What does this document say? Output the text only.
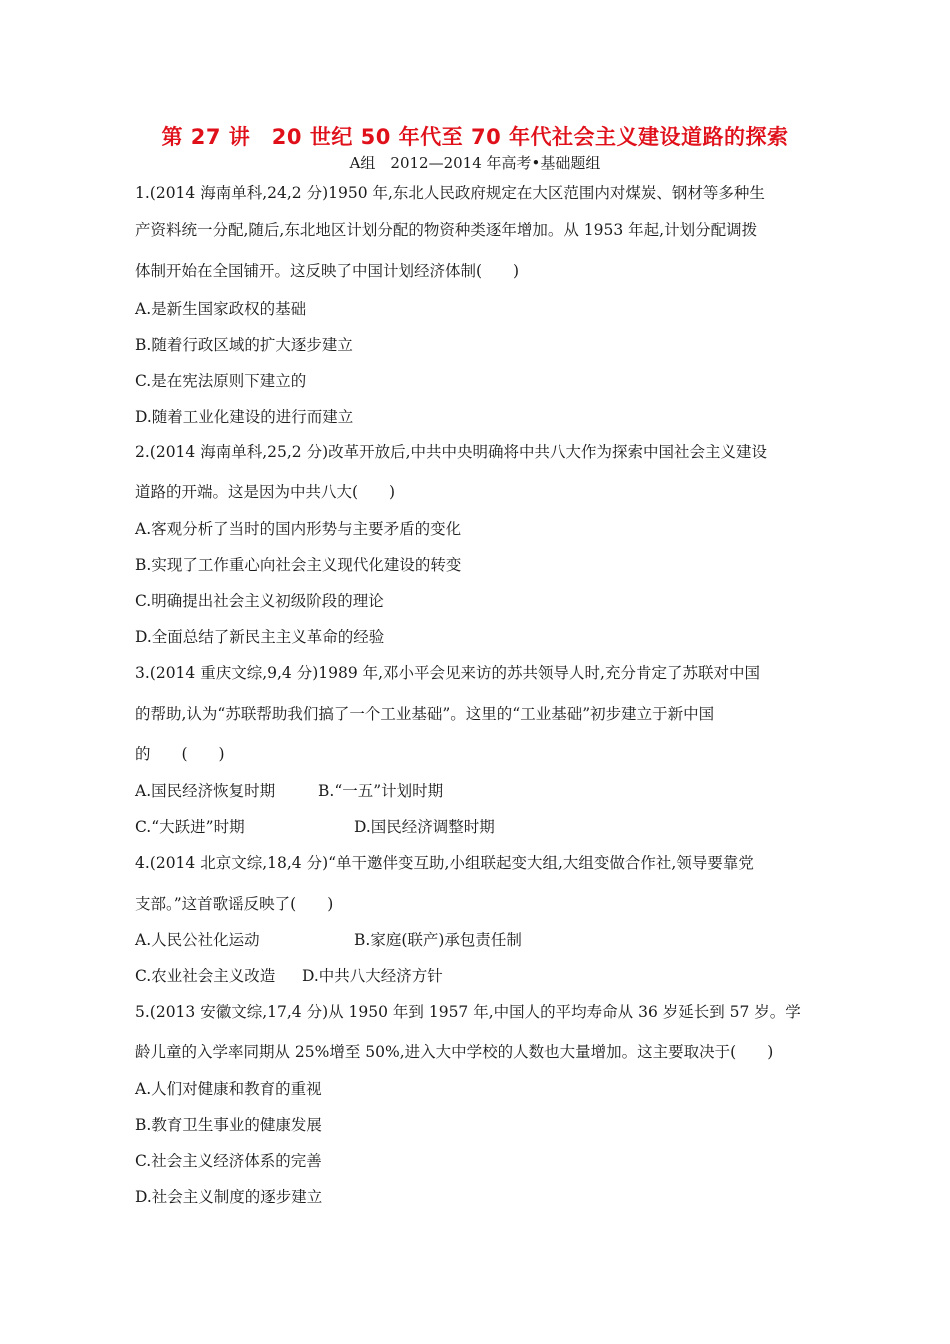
第 27 讲　20 世纪 50 年代至 70 年代社会主义建设道路的探索
A组　2012—2014 年高考•基础题组
1.(2014 海南单科,24,2 分)1950 年,东北人民政府规定在大区范围内对煤炭、钢材等多种生
产资料统一分配,随后,东北地区计划分配的物资种类逐年增加。从 1953 年起,计划分配调拨
体制开始在全国铺开。这反映了中国计划经济体制(　　)
A.是新生国家政权的基础
B.随着行政区域的扩大逐步建立
C.是在宪法原则下建立的
D.随着工业化建设的进行而建立
2.(2014 海南单科,25,2 分)改革开放后,中共中央明确将中共八大作为探索中国社会主义建设
道路的开端。这是因为中共八大(　　)
A.客观分析了当时的国内形势与主要矛盾的变化
B.实现了工作重心向社会主义现代化建设的转变
C.明确提出社会主义初级阶段的理论
D.全面总结了新民主主义革命的经验
3.(2014 重庆文综,9,4 分)1989 年,邓小平会见来访的苏共领导人时,充分肯定了苏联对中国
的帮助,认为“苏联帮助我们搞了一个工业基础”。这里的“工业基础”初步建立于新中国
的　　(　　)
A.国民经济恢复时期	B.“一五”计划时期
C.“大跃进”时期	D.国民经济调整时期
4.(2014 北京文综,18,4 分)“单干邀伴变互助,小组联起变大组,大组变做合作社,领导要靠党
支部。”这首歌谣反映了(　　)
A.人民公社化运动	B.家庭(联产)承包责任制
C.农业社会主义改造 D.中共八大经济方针
5.(2013 安徽文综,17,4 分)从 1950 年到 1957 年,中国人的平均寿命从 36 岁延长到 57 岁。学
龄儿童的入学率同期从 25%增至 50%,进入大中学校的人数也大量增加。这主要取决于(　　)
A.人们对健康和教育的重视
B.教育卫生事业的健康发展
C.社会主义经济体系的完善
D.社会主义制度的逐步建立
